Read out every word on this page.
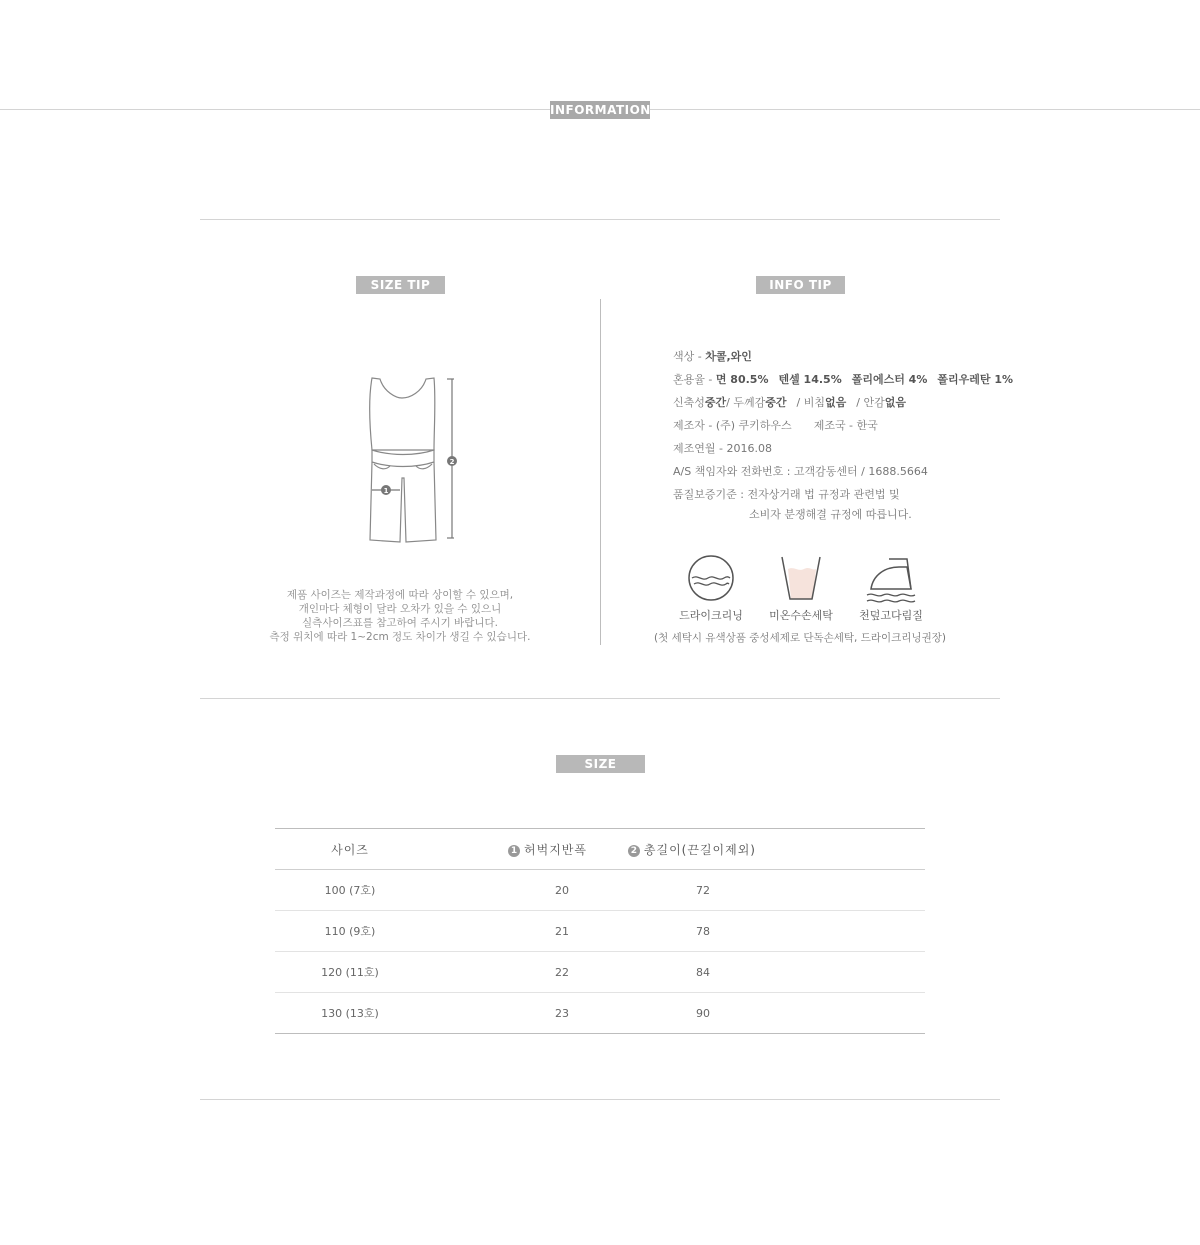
INFORMATION
SIZE TIP
2
1
제품 사이즈는 제작과정에 따라 상이할 수 있으며,
개인마다 체형이 달라 오차가 있을 수 있으니
실측사이즈표를 참고하여 주시기 바랍니다.
측정 위치에 따라 1~2cm 정도 차이가 생길 수 있습니다.
INFO TIP
색상 - 차콜,와인
혼용율 - 면 80.5% 텐셀 14.5% 폴리에스터 4% 폴리우레탄 1%
신축성중간/ 두께감중간 / 비침없음 / 안감없음
제조자 - (주) 쿠키하우스 제조국 - 한국
제조연월 - 2016.08
A/S 책임자와 전화번호 : 고객감동센터 / 1688.5664
품질보증기준 : 전자상거래 법 규정과 관련법 및
소비자 분쟁해결 규정에 따릅니다.
드라이크리닝 미온수손세탁 천덮고다림질
(첫 세탁시 유색상품 중성세제로 단독손세탁, 드라이크리닝권장)
SIZE
사이즈	1 허벅지반폭	2 총길이(끈길이제외)	
100 (7호)	20	72	
110 (9호)	21	78	
120 (11호)	22	84	
130 (13호)	23	90	
